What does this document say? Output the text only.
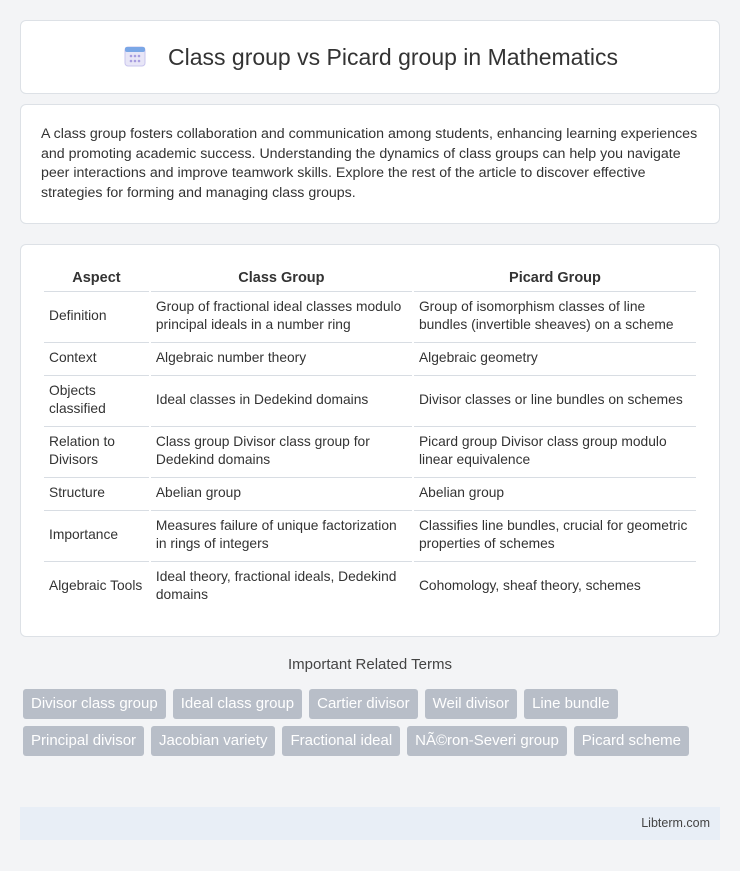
Class group vs Picard group in Mathematics

A class group fosters collaboration and communication among students, enhancing learning experiences and promoting academic success. Understanding the dynamics of class groups can help you navigate peer interactions and improve teamwork skills. Explore the rest of the article to discover effective strategies for forming and managing class groups.

Aspect	Class Group	Picard Group
Definition	Group of fractional ideal classes modulo principal ideals in a number ring	Group of isomorphism classes of line bundles (invertible sheaves) on a scheme
Context	Algebraic number theory	Algebraic geometry
Objects classified	Ideal classes in Dedekind domains	Divisor classes or line bundles on schemes
Relation to Divisors	Class group Divisor class group for Dedekind domains	Picard group Divisor class group modulo linear equivalence
Structure	Abelian group	Abelian group
Importance	Measures failure of unique factorization in rings of integers	Classifies line bundles, crucial for geometric properties of schemes
Algebraic Tools	Ideal theory, fractional ideals, Dedekind domains	Cohomology, sheaf theory, schemes
Important Related Terms
Divisor class group	Ideal class group	Cartier divisor	Weil divisor	Line bundle
Principal divisor	Jacobian variety	Fractional ideal	NÃ©ron-Severi group	Picard scheme
Libterm.com
